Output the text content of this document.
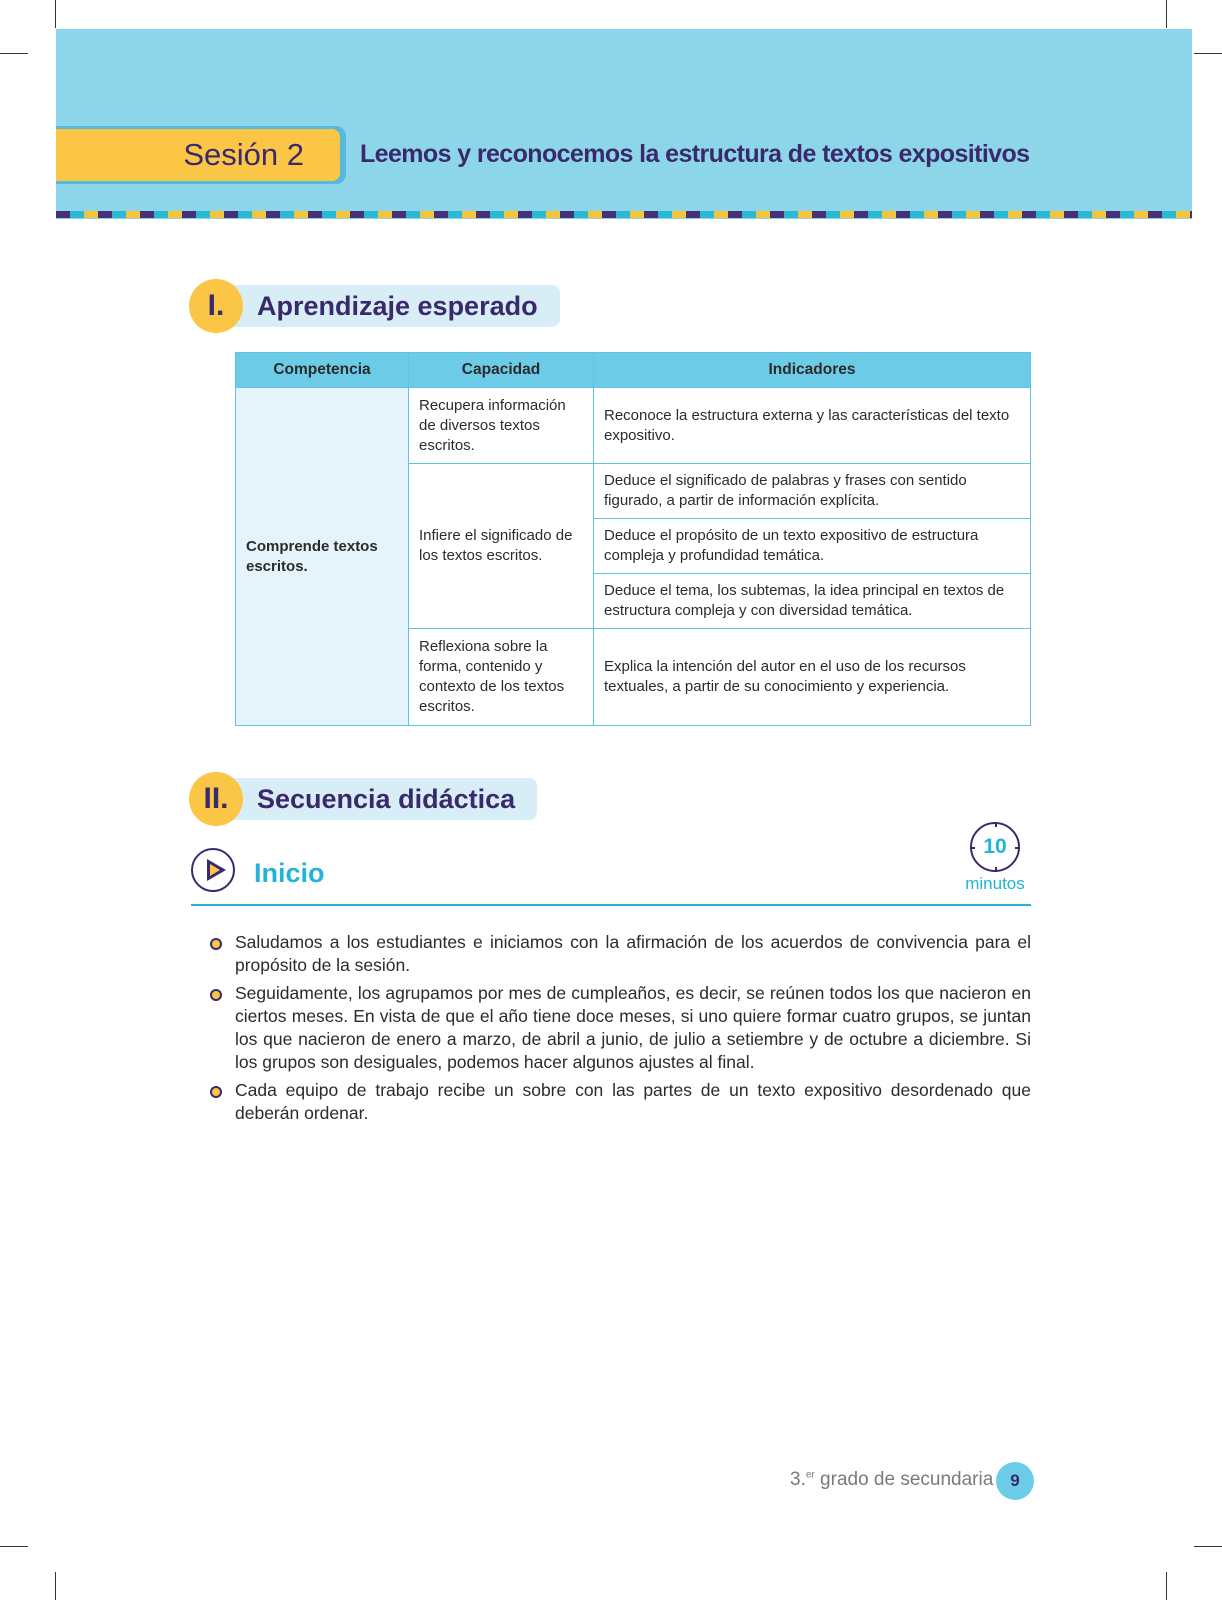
Sesión 2	Leemos y reconocemos la estructura de textos expositivos
I.	Aprendizaje esperado
Competencia	Capacidad	Indicadores
Comprende textos escritos.	Recupera información de diversos textos escritos.	Reconoce la estructura externa y las características del texto expositivo.
	Infiere el significado de los textos escritos.	Deduce el significado de palabras y frases con sentido figurado, a partir de información explícita.
		Deduce el propósito de un texto expositivo de estructura compleja y profundidad temática.
		Deduce el tema, los subtemas, la idea principal en textos de estructura compleja y con diversidad temática.
	Reflexiona sobre la forma, contenido y contexto de los textos escritos.	Explica la intención del autor en el uso de los recursos textuales, a partir de su conocimiento y experiencia.
II.	Secuencia didáctica
Inicio
10
minutos
Saludamos a los estudiantes e iniciamos con la afirmación de los acuerdos de convivencia para el propósito de la sesión.
Seguidamente, los agrupamos por mes de cumpleaños, es decir, se reúnen todos los que nacieron en ciertos meses. En vista de que el año tiene doce meses, si uno quiere formar cuatro grupos, se juntan los que nacieron de enero a marzo, de abril a junio, de julio a setiembre y de octubre a diciembre. Si los grupos son desiguales, podemos hacer algunos ajustes al final.
Cada equipo de trabajo recibe un sobre con las partes de un texto expositivo desordenado que deberán ordenar.
3.$^{er}$ grado de secundaria 9
